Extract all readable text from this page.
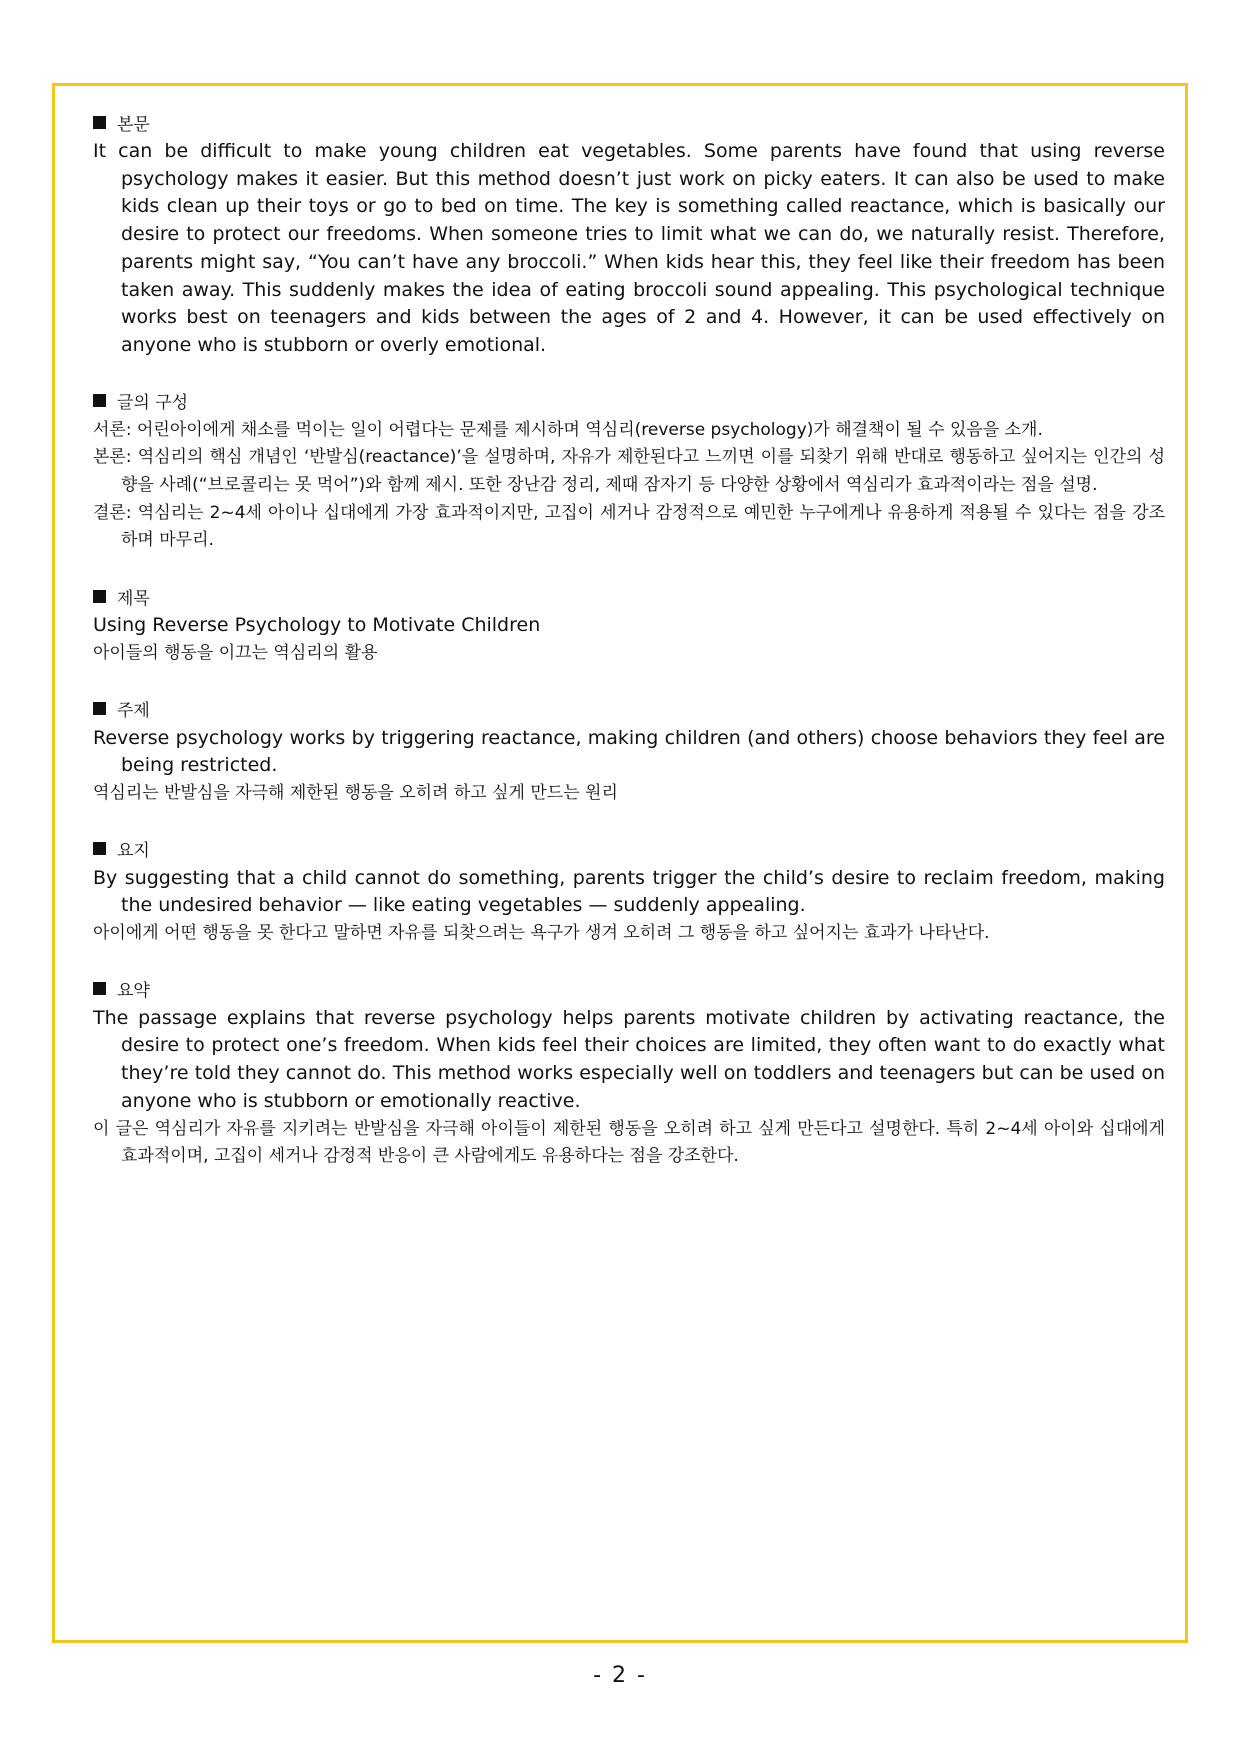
본문

It can be difficult to make young children eat vegetables. Some parents have found that using reverse psychology makes it easier. But this method doesn’t just work on picky eaters. It can also be used to make kids clean up their toys or go to bed on time. The key is something called reactance, which is basically our desire to protect our freedoms. When someone tries to limit what we can do, we naturally resist. Therefore, parents might say, “You can’t have any broccoli.” When kids hear this, they feel like their freedom has been taken away. This suddenly makes the idea of eating broccoli sound appealing. This psychological technique works best on teenagers and kids between the ages of 2 and 4. However, it can be used effectively on anyone who is stubborn or overly emotional.

글의 구성

서론: 어린아이에게 채소를 먹이는 일이 어렵다는 문제를 제시하며 역심리(reverse psychology)가 해결책이 될 수 있음을 소개.

본론: 역심리의 핵심 개념인 ‘반발심(reactance)’을 설명하며, 자유가 제한된다고 느끼면 이를 되찾기 위해 반대로 행동하고 싶어지는 인간의 성향을 사례(“브로콜리는 못 먹어”)와 함께 제시. 또한 장난감 정리, 제때 잠자기 등 다양한 상황에서 역심리가 효과적이라는 점을 설명.

결론: 역심리는 2~4세 아이나 십대에게 가장 효과적이지만, 고집이 세거나 감정적으로 예민한 누구에게나 유용하게 적용될 수 있다는 점을 강조하며 마무리.

제목

Using Reverse Psychology to Motivate Children

아이들의 행동을 이끄는 역심리의 활용

주제

Reverse psychology works by triggering reactance, making children (and others) choose behaviors they feel are being restricted.

역심리는 반발심을 자극해 제한된 행동을 오히려 하고 싶게 만드는 원리

요지

By suggesting that a child cannot do something, parents trigger the child’s desire to reclaim freedom, making the undesired behavior — like eating vegetables — suddenly appealing.

아이에게 어떤 행동을 못 한다고 말하면 자유를 되찾으려는 욕구가 생겨 오히려 그 행동을 하고 싶어지는 효과가 나타난다.

요약

The passage explains that reverse psychology helps parents motivate children by activating reactance, the desire to protect one’s freedom. When kids feel their choices are limited, they often want to do exactly what they’re told they cannot do. This method works especially well on toddlers and teenagers but can be used on anyone who is stubborn or emotionally reactive.

이 글은 역심리가 자유를 지키려는 반발심을 자극해 아이들이 제한된 행동을 오히려 하고 싶게 만든다고 설명한다. 특히 2~4세 아이와 십대에게 효과적이며, 고집이 세거나 감정적 반응이 큰 사람에게도 유용하다는 점을 강조한다.

- 2 -
